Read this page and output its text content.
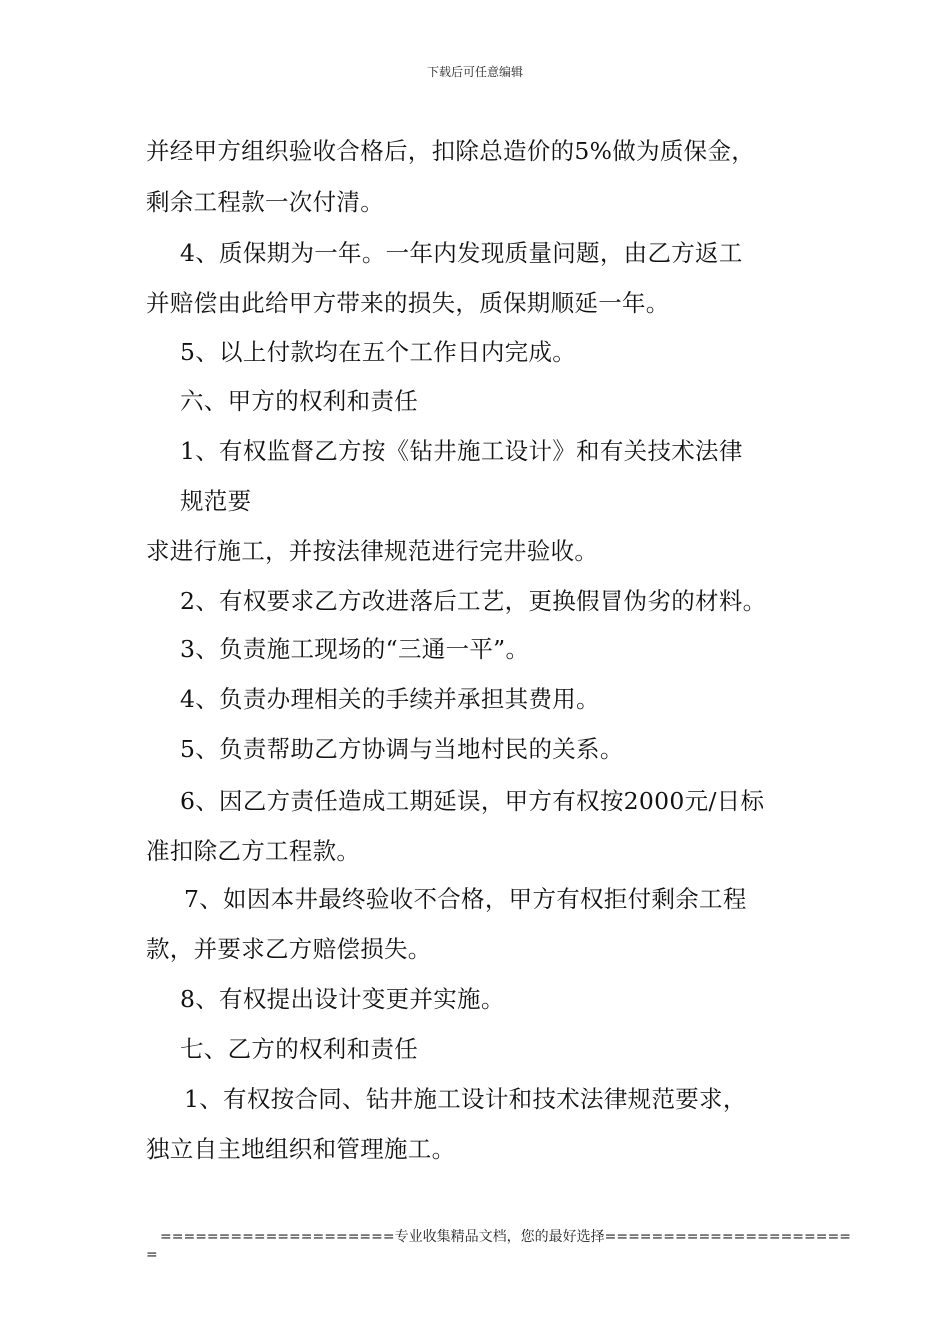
下载后可任意编辑
并经甲方组织验收合格后，扣除总造价的5%做为质保金，
剩余工程款一次付清。
4、质保期为一年。一年内发现质量问题，由乙方返工
并赔偿由此给甲方带来的损失，质保期顺延一年。
5、以上付款均在五个工作日内完成。
六、甲方的权利和责任
1、有权监督乙方按《钻井施工设计》和有关技术法律
规范要
求进行施工，并按法律规范进行完井验收。
2、有权要求乙方改进落后工艺，更换假冒伪劣的材料。
3、负责施工现场的“三通一平”。
4、负责办理相关的手续并承担其费用。
5、负责帮助乙方协调与当地村民的关系。
6、因乙方责任造成工期延误，甲方有权按2000元/日标
准扣除乙方工程款。
7、如因本井最终验收不合格，甲方有权拒付剩余工程
款，并要求乙方赔偿损失。
8、有权提出设计变更并实施。
七、乙方的权利和责任
1、有权按合同、钻井施工设计和技术法律规范要求，
独立自主地组织和管理施工。
====================专业收集精品文档，您的最好选择=====================
=
